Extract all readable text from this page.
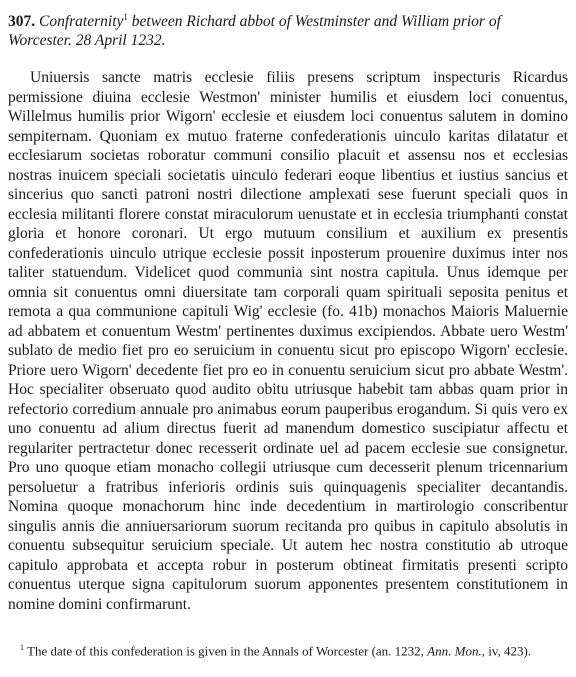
307. Confraternity$^1$ between Richard abbot of Westminster and William prior of Worcester. 28 April 1232.

Uniuersis sancte matris ecclesie filiis presens scriptum inspecturis Ricardus permissione diuina ecclesie Westmon' minister humilis et eiusdem loci conuentus, Willelmus humilis prior Wigorn' ecclesie et eiusdem loci conuentus salutem in domino sempiternam. Quoniam ex mutuo fraterne confederationis uinculo karitas dilatatur et ecclesiarum societas roboratur communi consilio placuit et assensu nos et ecclesias nostras inuicem speciali societatis uinculo federari eoque libentius et iustius sancius et sincerius quo sancti patroni nostri dilectione amplexati sese fuerunt speciali quos in ecclesia militanti florere constat miraculorum uenustate et in ecclesia triumphanti constat gloria et honore coronari. Ut ergo mutuum consilium et auxilium ex presentis confederationis uinculo utrique ecclesie possit inposterum prouenire duximus inter nos taliter statuendum. Videlicet quod communia sint nostra capitula. Unus idemque per omnia sit conuentus omni diuersitate tam corporali quam spirituali seposita penitus et remota a qua communione capituli Wig' ecclesie (fo. 41b) monachos Maioris Maluernie ad abbatem et conuentum Westm' pertinentes duximus excipiendos. Abbate uero Westm' sublato de medio fiet pro eo seruicium in conuentu sicut pro episcopo Wigorn' ecclesie. Priore uero Wigorn' decedente fiet pro eo in conuentu seruicium sicut pro abbate Westm'. Hoc specialiter obseruato quod audito obitu utriusque habebit tam abbas quam prior in refectorio corredium annuale pro animabus eorum pauperibus erogandum. Si quis vero ex uno conuentu ad alium directus fuerit ad manendum domestico suscipiatur affectu et regulariter pertractetur donec recesserit ordinate uel ad pacem ecclesie sue consignetur. Pro uno quoque etiam monacho collegii utriusque cum decesserit plenum tricennarium persoluetur a fratribus inferioris ordinis suis quinquagenis specialiter decantandis. Nomina quoque monachorum hinc inde decedentium in martirologio conscribentur singulis annis die anniuersariorum suorum recitanda pro quibus in capitulo absolutis in conuentu subsequitur seruicium speciale. Ut autem hec nostra constitutio ab utroque capitulo approbata et accepta robur in posterum obtineat firmitatis presenti scripto conuentus uterque signa capitulorum suorum apponentes presentem constitutionem in nomine domini confirmarunt.

$^1$ The date of this confederation is given in the Annals of Worcester (an. 1232, Ann. Mon., iv, 423).
